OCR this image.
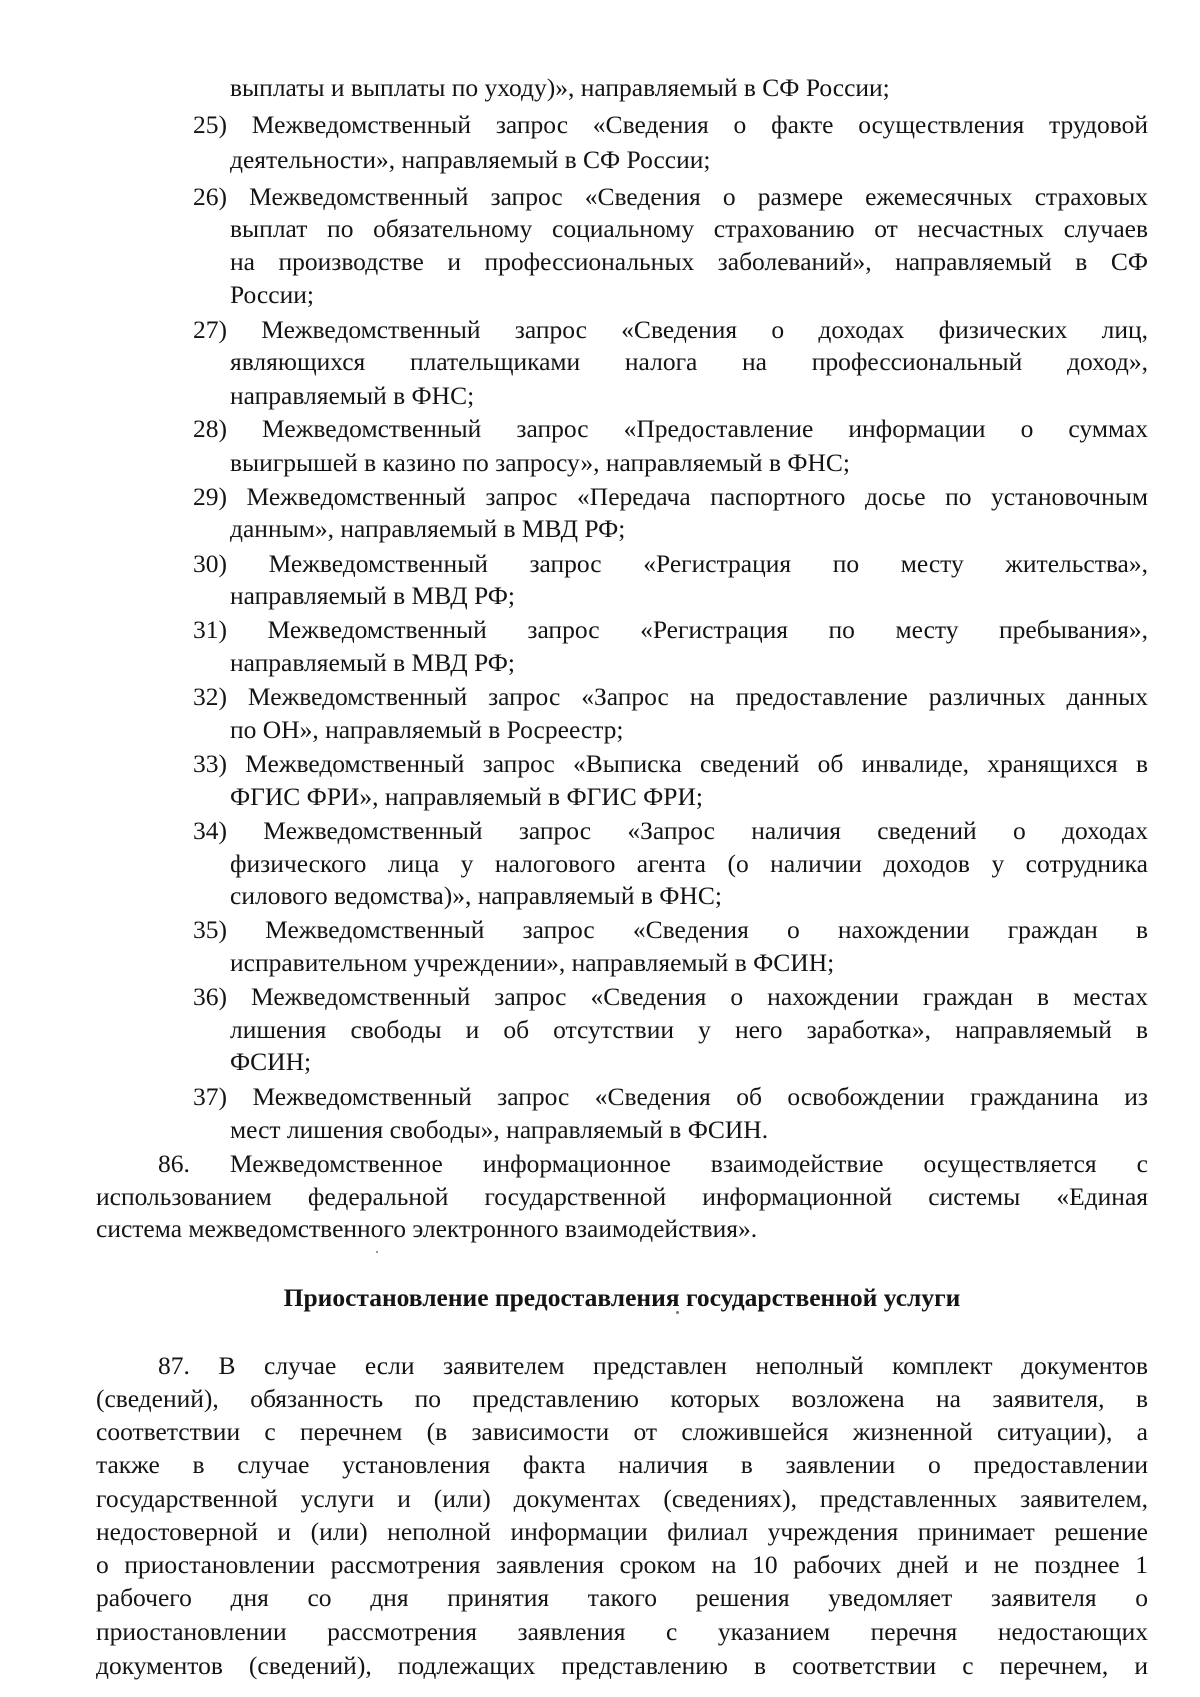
выплаты и выплаты по уходу)», направляемый в СФ России;
25) Межведомственный запрос «Сведения о факте осуществления трудовой
деятельности», направляемый в СФ России;
26) Межведомственный запрос «Сведения о размере ежемесячных страховых
выплат по обязательному социальному страхованию от несчастных случаев
на производстве и профессиональных заболеваний», направляемый в СФ
России;
27) Межведомственный запрос «Сведения о доходах физических лиц,
являющихся плательщиками налога на профессиональный доход»,
направляемый в ФНС;
28) Межведомственный запрос «Предоставление информации о суммах
выигрышей в казино по запросу», направляемый в ФНС;
29) Межведомственный запрос «Передача паспортного досье по установочным
данным», направляемый в МВД РФ;
30) Межведомственный запрос «Регистрация по месту жительства»,
направляемый в МВД РФ;
31) Межведомственный запрос «Регистрация по месту пребывания»,
направляемый в МВД РФ;
32) Межведомственный запрос «Запрос на предоставление различных данных
по ОН», направляемый в Росреестр;
33) Межведомственный запрос «Выписка сведений об инвалиде, хранящихся в
ФГИС ФРИ», направляемый в ФГИС ФРИ;
34) Межведомственный запрос «Запрос наличия сведений о доходах
физического лица у налогового агента (о наличии доходов у сотрудника
силового ведомства)», направляемый в ФНС;
35) Межведомственный запрос «Сведения о нахождении граждан в
исправительном учреждении», направляемый в ФСИН;
36) Межведомственный запрос «Сведения о нахождении граждан в местах
лишения свободы и об отсутствии у него заработка», направляемый в
ФСИН;
37) Межведомственный запрос «Сведения об освобождении гражданина из
мест лишения свободы», направляемый в ФСИН.
86. Межведомственное информационное взаимодействие осуществляется с
использованием федеральной государственной информационной системы «Единая
система межведомственного электронного взаимодействия».
Приостановление предоставления государственной услуги
87. В случае если заявителем представлен неполный комплект документов
(сведений), обязанность по представлению которых возложена на заявителя, в
соответствии с перечнем (в зависимости от сложившейся жизненной ситуации), а
также в случае установления факта наличия в заявлении о предоставлении
государственной услуги и (или) документах (сведениях), представленных заявителем,
недостоверной и (или) неполной информации филиал учреждения принимает решение
о приостановлении рассмотрения заявления сроком на 10 рабочих дней и не позднее 1
рабочего дня со дня принятия такого решения уведомляет заявителя о
приостановлении рассмотрения заявления с указанием перечня недостающих
документов (сведений), подлежащих представлению в соответствии с перечнем, и
